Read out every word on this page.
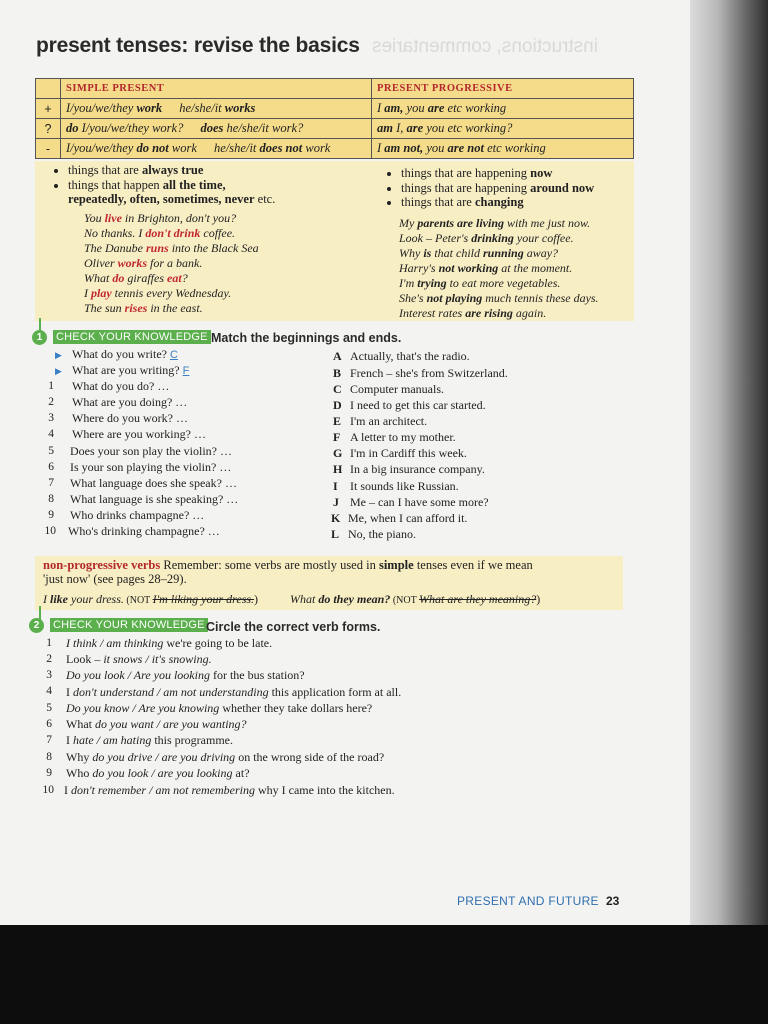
present tenses: revise the basics instructions, commentaries
	SIMPLE PRESENT	PRESENT PROGRESSIVE
+	I/you/we/they work he/she/it works	I am, you are etc working
?	do I/you/we/they work? does he/she/it work?	am I, are you etc working?
-	I/you/we/they do not work he/she/it does not work	I am not, you are not etc working
• things that are always true
• things that happen all the time,
repeatedly, often, sometimes, never etc.
• things that are happening now
• things that are happening around now
• things that are changing
You live in Brighton, don't you?
No thanks. I don't drink coffee.
The Danube runs into the Black Sea
Oliver works for a bank.
What do giraffes eat?
I play tennis every Wednesday.
The sun rises in the east.
My parents are living with me just now.
Look – Peter's drinking your coffee.
Why is that child running away?
Harry's not working at the moment.
I'm trying to eat more vegetables.
She's not playing much tennis these days.
Interest rates are rising again.
1	CHECK YOUR KNOWLEDGE Match the beginnings and ends.
▶ What do you write? C
▶ What are you writing? F
1 What do you do? …
2 What are you doing? …
3 Where do you work? …
4 Where are you working? …
5 Does your son play the violin? …
6 Is your son playing the violin? …
7 What language does she speak? …
8 What language is she speaking? …
9 Who drinks champagne? …
10 Who's drinking champagne? …
A Actually, that's the radio.
B French – she's from Switzerland.
C Computer manuals.
D I need to get this car started.
E I'm an architect.
F A letter to my mother.
G I'm in Cardiff this week.
H In a big insurance company.
I It sounds like Russian.
J Me – can I have some more?
K Me, when I can afford it.
L No, the piano.
non-progressive verbs Remember: some verbs are mostly used in simple tenses even if we mean
'just now' (see pages 28–29).
I like your dress. (NOT I'm liking your dress.)	What do they mean? (NOT What are they meaning?)
2	CHECK YOUR KNOWLEDGE Circle the correct verb forms.
1 I think / am thinking we're going to be late.
2 Look – it snows / it's snowing.
3 Do you look / Are you looking for the bus station?
4 I don't understand / am not understanding this application form at all.
5 Do you know / Are you knowing whether they take dollars here?
6 What do you want / are you wanting?
7 I hate / am hating this programme.
8 Why do you drive / are you driving on the wrong side of the road?
9 Who do you look / are you looking at?
10 I don't remember / am not remembering why I came into the kitchen.
PRESENT AND FUTURE 23
